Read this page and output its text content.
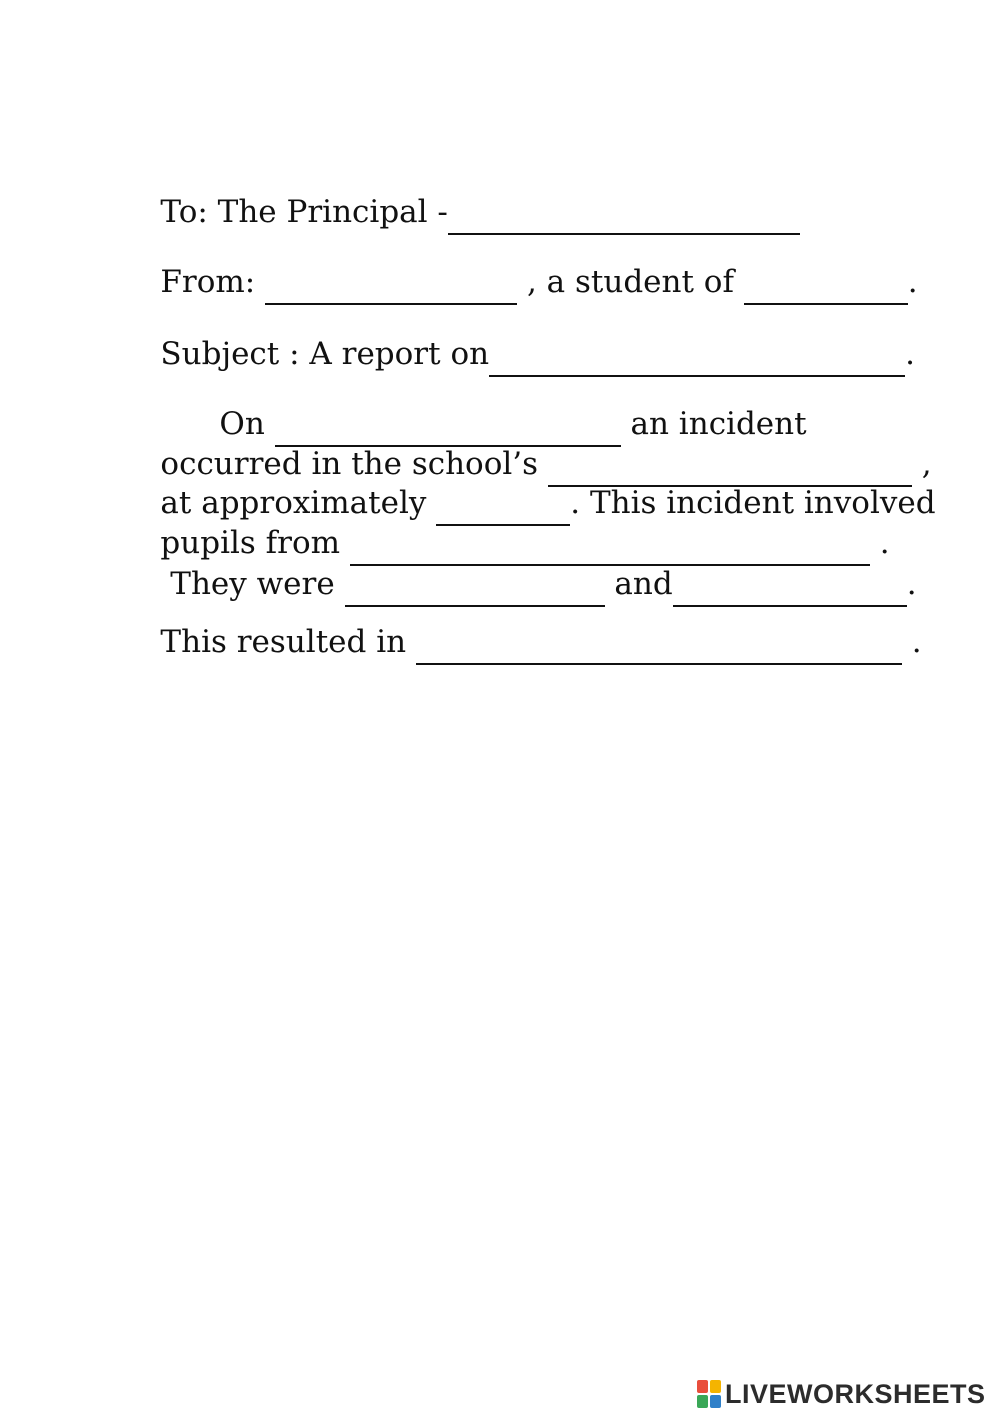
To: The Principal -

From:	, a student of	.

Subject : A report on	.

On	an incident

occurred in the school’s	,

at approximately	. This incident involved

pupils from	.

They were	and	.

This resulted in	.

LIVEWORKSHEETS
